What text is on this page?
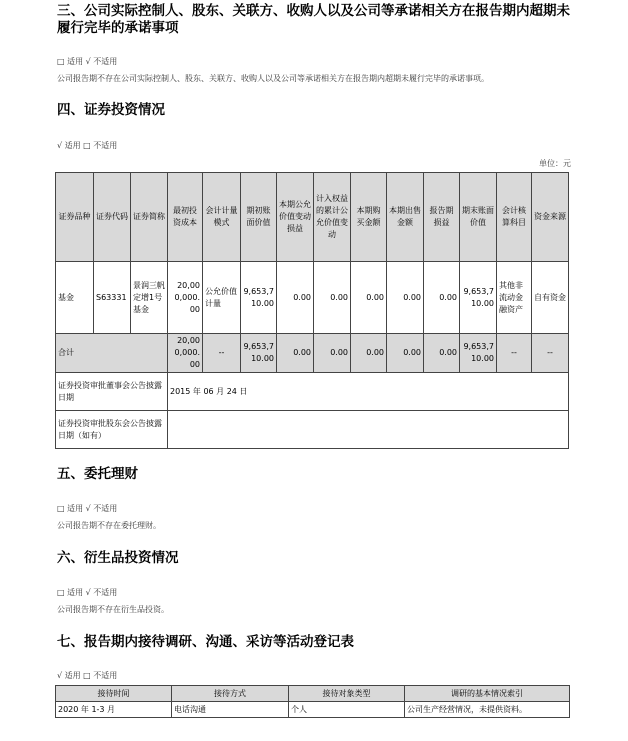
三、公司实际控制人、股东、关联方、收购人以及公司等承诺相关方在报告期内超期未履行完毕的承诺事项
□ 适用 √ 不适用
公司报告期不存在公司实际控制人、股东、关联方、收购人以及公司等承诺相关方在报告期内超期未履行完毕的承诺事项。
四、证券投资情况
√ 适用 □ 不适用
单位：元
证券品种	证券代码	证券简称	最初投资成本	会计计量模式	期初账面价值	本期公允价值变动损益	计入权益的累计公允价值变动	本期购买金额	本期出售金额	报告期损益	期末账面价值	会计核算科目	资金来源
基金	S63331	景润三帆定增1号基金	20,000,000.00	公允价值计量	9,653,710.00	0.00	0.00	0.00	0.00	0.00	9,653,710.00	其他非流动金融资产	自有资金
合计			20,000,000.00	--	9,653,710.00	0.00	0.00	0.00	0.00	0.00	9,653,710.00	--	--
证券投资审批董事会公告披露日期			2015 年 06 月 24 日										
证券投资审批股东会公告披露日期（如有）													
五、委托理财
□ 适用 √ 不适用
公司报告期不存在委托理财。
六、衍生品投资情况
□ 适用 √ 不适用
公司报告期不存在衍生品投资。
七、报告期内接待调研、沟通、采访等活动登记表
√ 适用 □ 不适用
接待时间	接待方式	接待对象类型	调研的基本情况索引
2020 年 1-3 月	电话沟通	个人	公司生产经营情况，未提供资料。
